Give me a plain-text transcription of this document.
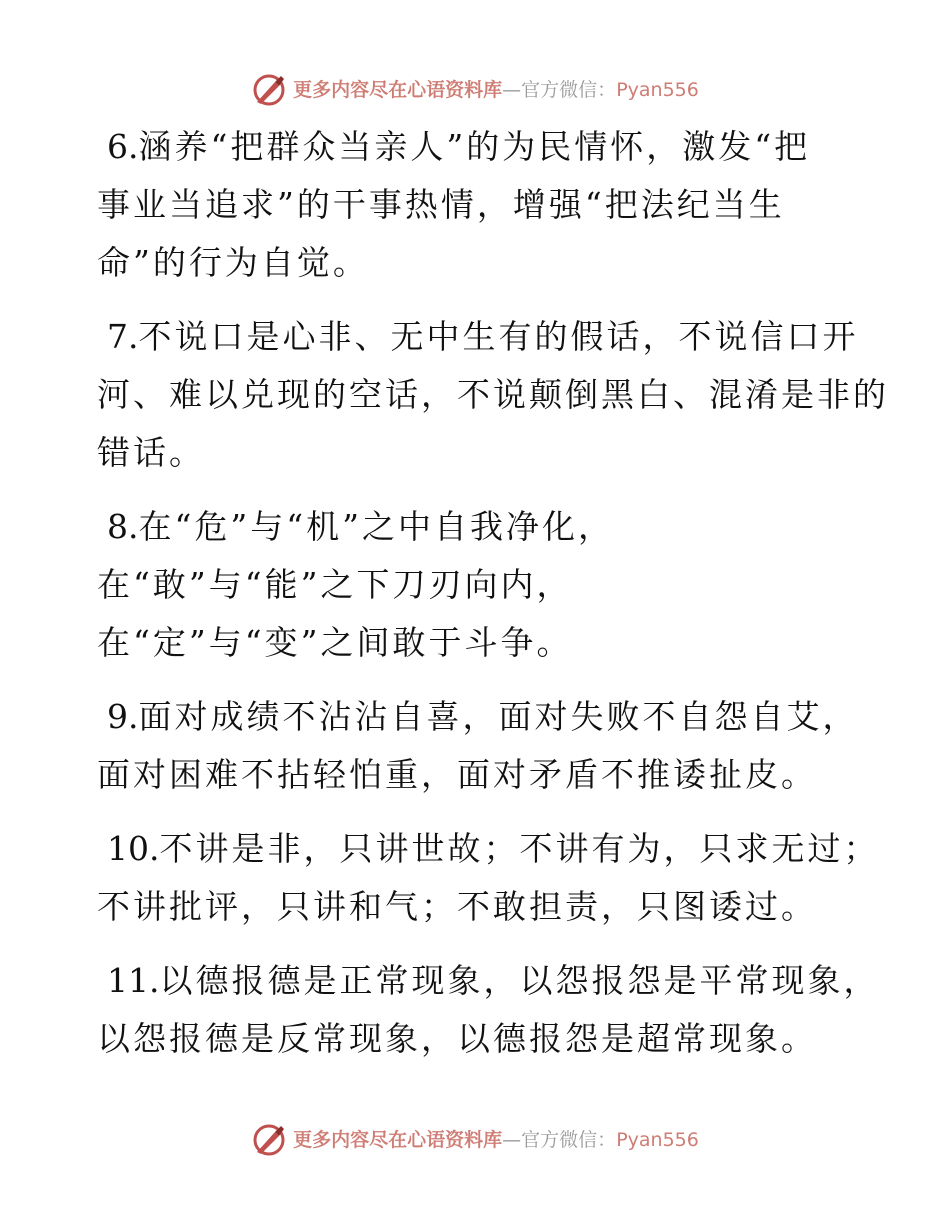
更多内容尽在心语资料库—官方微信：Pyan556
6.涵养“把群众当亲人”的为民情怀，激发“把
事业当追求”的干事热情，增强“把法纪当生
命”的行为自觉。
7.不说口是心非、无中生有的假话，不说信口开
河、难以兑现的空话，不说颠倒黑白、混淆是非的
错话。
8.在“危”与“机”之中自我净化，
在“敢”与“能”之下刀刃向内，
在“定”与“变”之间敢于斗争。
9.面对成绩不沾沾自喜，面对失败不自怨自艾，
面对困难不拈轻怕重，面对矛盾不推诿扯皮。
10.不讲是非，只讲世故；不讲有为，只求无过；
不讲批评，只讲和气；不敢担责，只图诿过。
11.以德报德是正常现象，以怨报怨是平常现象，
以怨报德是反常现象，以德报怨是超常现象。
更多内容尽在心语资料库—官方微信：Pyan556
